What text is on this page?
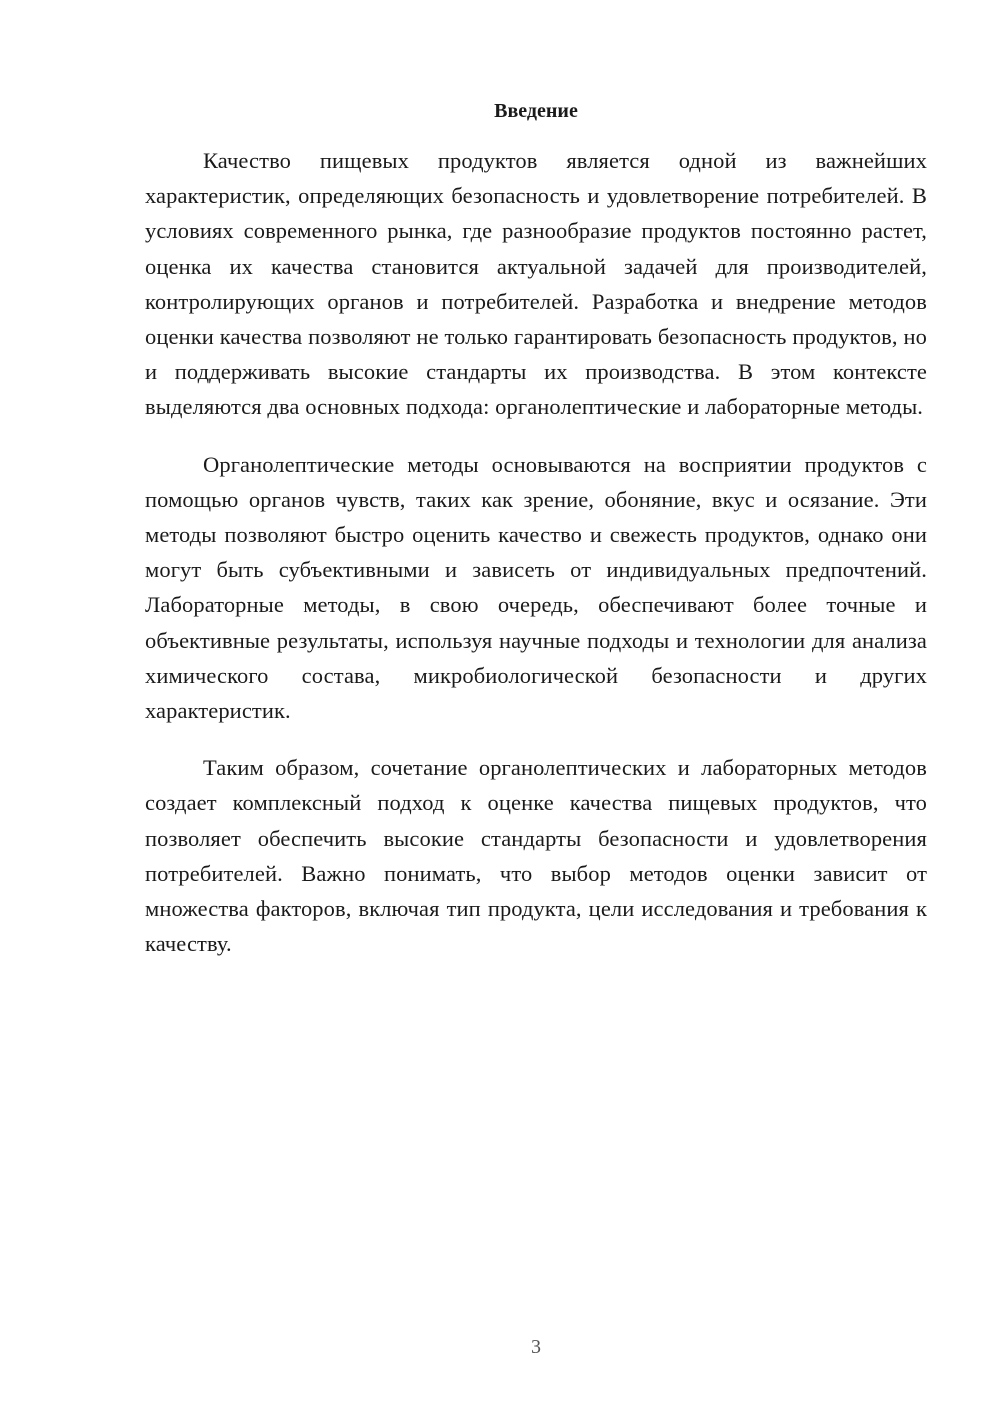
Введение

Качество пищевых продуктов является одной из важнейших характеристик, определяющих безопасность и удовлетворение потребителей. В условиях современного рынка, где разнообразие продуктов постоянно растет, оценка их качества становится актуальной задачей для производителей, контролирующих органов и потребителей. Разработка и внедрение методов оценки качества позволяют не только гарантировать безопасность продуктов, но и поддерживать высокие стандарты их производства. В этом контексте выделяются два основных подхода: органолептические и лабораторные методы.

Органолептические методы основываются на восприятии продуктов с помощью органов чувств, таких как зрение, обоняние, вкус и осязание. Эти методы позволяют быстро оценить качество и свежесть продуктов, однако они могут быть субъективными и зависеть от индивидуальных предпочтений. Лабораторные методы, в свою очередь, обеспечивают более точные и объективные результаты, используя научные подходы и технологии для анализа химического состава, микробиологической безопасности и других характеристик.

Таким образом, сочетание органолептических и лабораторных методов создает комплексный подход к оценке качества пищевых продуктов, что позволяет обеспечить высокие стандарты безопасности и удовлетворения потребителей. Важно понимать, что выбор методов оценки зависит от множества факторов, включая тип продукта, цели исследования и требования к качеству.

3
